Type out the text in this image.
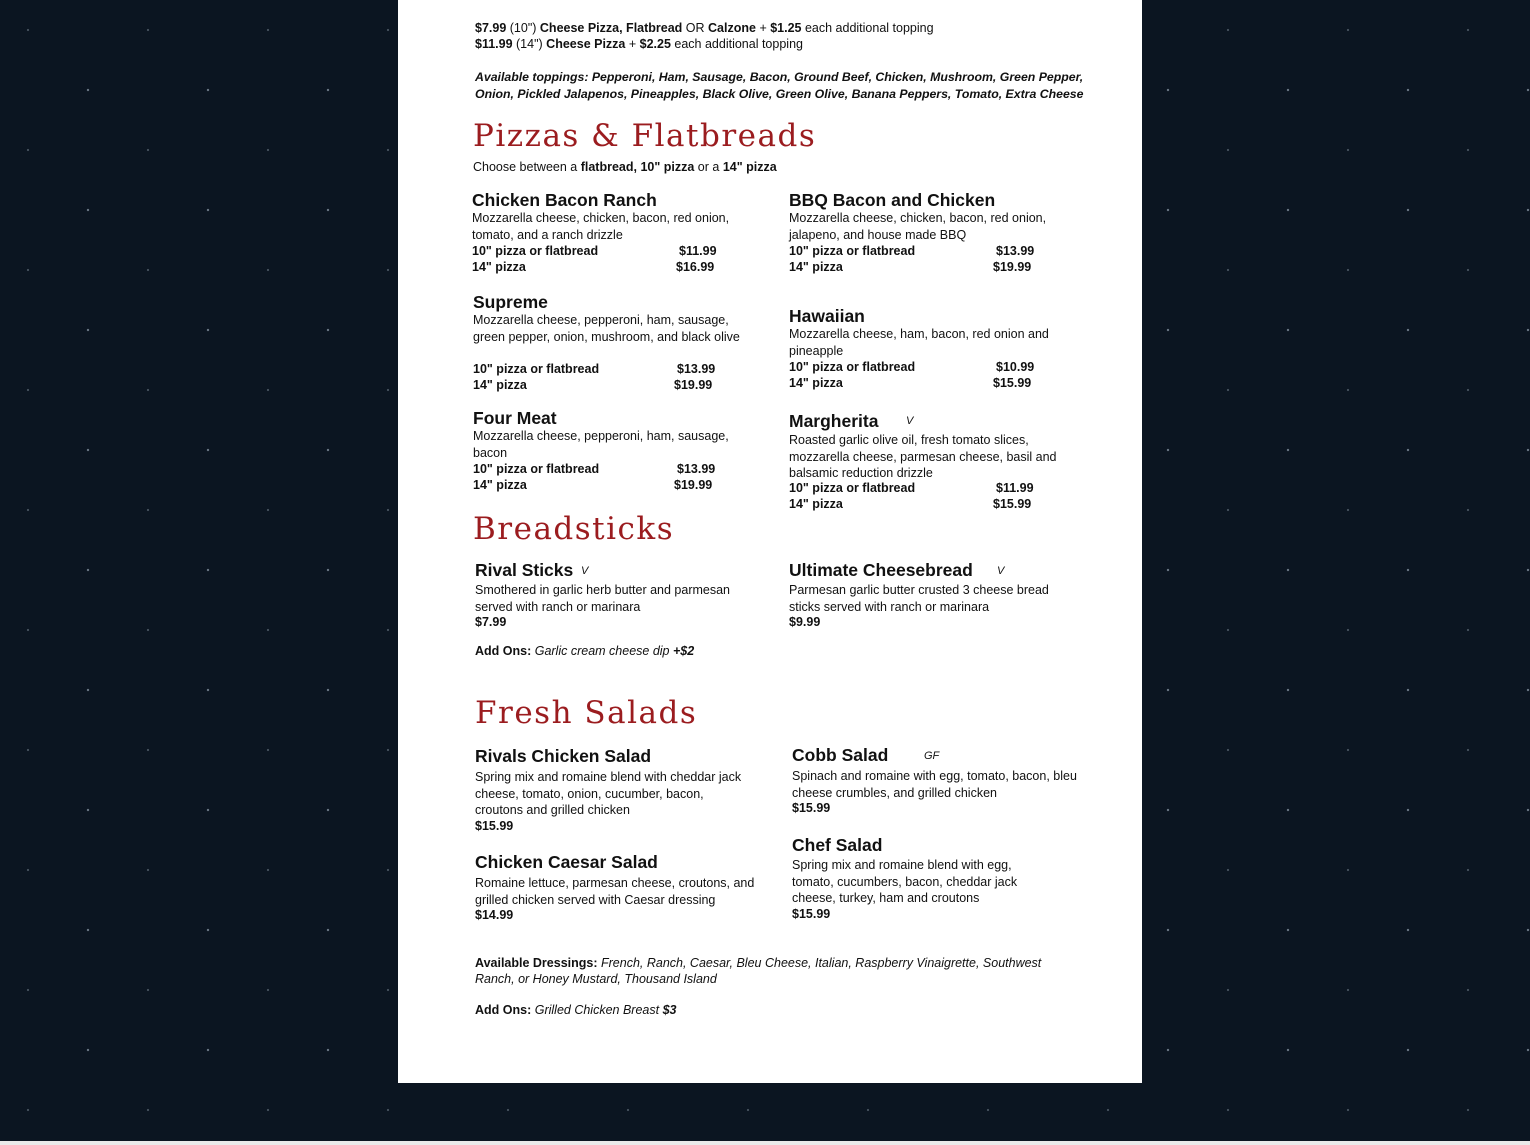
$7.99 (10") Cheese Pizza, Flatbread OR Calzone + $1.25 each additional topping
$11.99 (14") Cheese Pizza + $2.25 each additional topping
Available toppings: Pepperoni, Ham, Sausage, Bacon, Ground Beef, Chicken, Mushroom, Green Pepper,
Onion, Pickled Jalapenos, Pineapples, Black Olive, Green Olive, Banana Peppers, Tomato, Extra Cheese
Pizzas & Flatbreads
Choose between a flatbread, 10" pizza or a 14" pizza
Chicken Bacon Ranch
Mozzarella cheese, chicken, bacon, red onion, tomato, and a ranch drizzle
10" pizza or flatbread	$11.99
14" pizza	$16.99
BBQ Bacon and Chicken
Mozzarella cheese, chicken, bacon, red onion, jalapeno, and house made BBQ
10" pizza or flatbread	$13.99
14" pizza	$19.99
Supreme
Mozzarella cheese, pepperoni, ham, sausage, green pepper, onion, mushroom, and black olive
10" pizza or flatbread	$13.99
14" pizza	$19.99
Hawaiian
Mozzarella cheese, ham, bacon, red onion and pineapple
10" pizza or flatbread	$10.99
14" pizza	$15.99
Four Meat
Mozzarella cheese, pepperoni, ham, sausage, bacon
10" pizza or flatbread	$13.99
14" pizza	$19.99
Margherita	V
Roasted garlic olive oil, fresh tomato slices, mozzarella cheese, parmesan cheese, basil and balsamic reduction drizzle
10" pizza or flatbread	$11.99
14" pizza	$15.99
Breadsticks
Rival Sticks V
Smothered in garlic herb butter and parmesan served with ranch or marinara
$7.99
Ultimate Cheesebread V
Parmesan garlic butter crusted 3 cheese bread sticks served with ranch or marinara
$9.99
Add Ons: Garlic cream cheese dip +$2
Fresh Salads
Rivals Chicken Salad
Spring mix and romaine blend with cheddar jack cheese, tomato, onion, cucumber, bacon, croutons and grilled chicken
$15.99
Cobb Salad	GF
Spinach and romaine with egg, tomato, bacon, bleu cheese crumbles, and grilled chicken
$15.99
Chicken Caesar Salad
Romaine lettuce, parmesan cheese, croutons, and grilled chicken served with Caesar dressing
$14.99
Chef Salad
Spring mix and romaine blend with egg, tomato, cucumbers, bacon, cheddar jack cheese, turkey, ham and croutons
$15.99
Available Dressings: French, Ranch, Caesar, Bleu Cheese, Italian, Raspberry Vinaigrette, Southwest
Ranch, or Honey Mustard, Thousand Island
Add Ons: Grilled Chicken Breast $3
